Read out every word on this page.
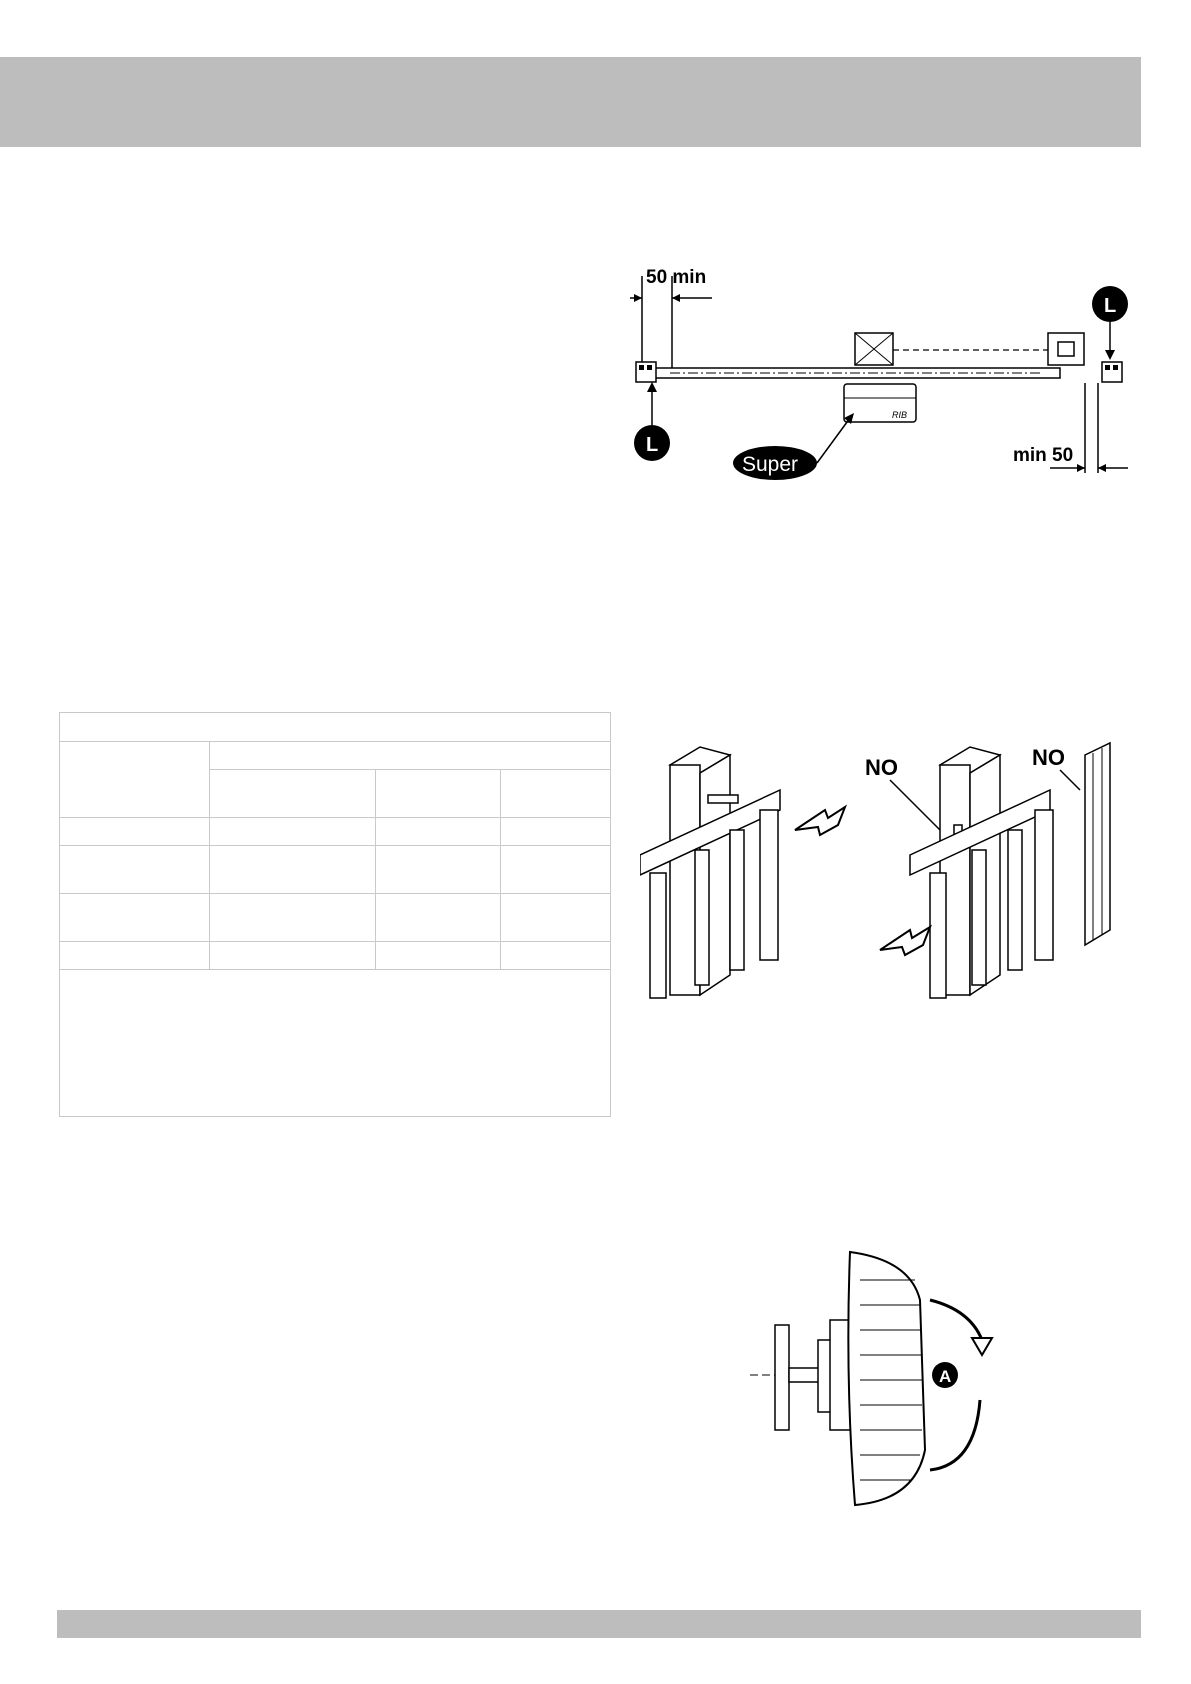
50 min
RIB
min 50
L
L
Super
NO	NO
A
